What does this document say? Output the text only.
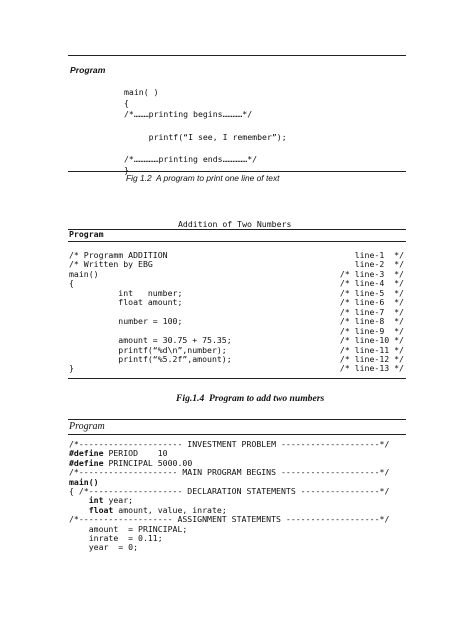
Program
Fig 1.2  A program to print one line of text
Addition of Two Numbers
Program
Fig.1.4  Program to add two numbers
Program
main( )
{
/*………printing begins…………*/
printf(“I see, I remember”);
/*……………printing ends……………*/
}
/* Programm ADDITION	line-1  */
/* Written by EBG	line-2  */
main()	/* line-3  */
{	/* line-4  */
int   number;	/* line-5  */
float amount;	/* line-6  */
/* line-7  */
number = 100;	/* line-8  */
/* line-9  */
amount = 30.75 + 75.35;	/* line-10 */
printf(“%d\n”,number);	/* line-11 */
printf(“%5.2f”,amount);	/* line-12 */
}	/* line-13 */
/*--------------------- INVESTMENT PROBLEM --------------------*/
#define PERIOD    10
#define PRINCIPAL 5000.00
/*-------------------- MAIN PROGRAM BEGINS --------------------*/
main()
{ /*------------------- DECLARATION STATEMENTS ----------------*/
int year;
float amount, value, inrate;
/*------------------- ASSIGNMENT STATEMENTS -------------------*/
amount  = PRINCIPAL;
inrate  = 0.11;
year  = 0;
